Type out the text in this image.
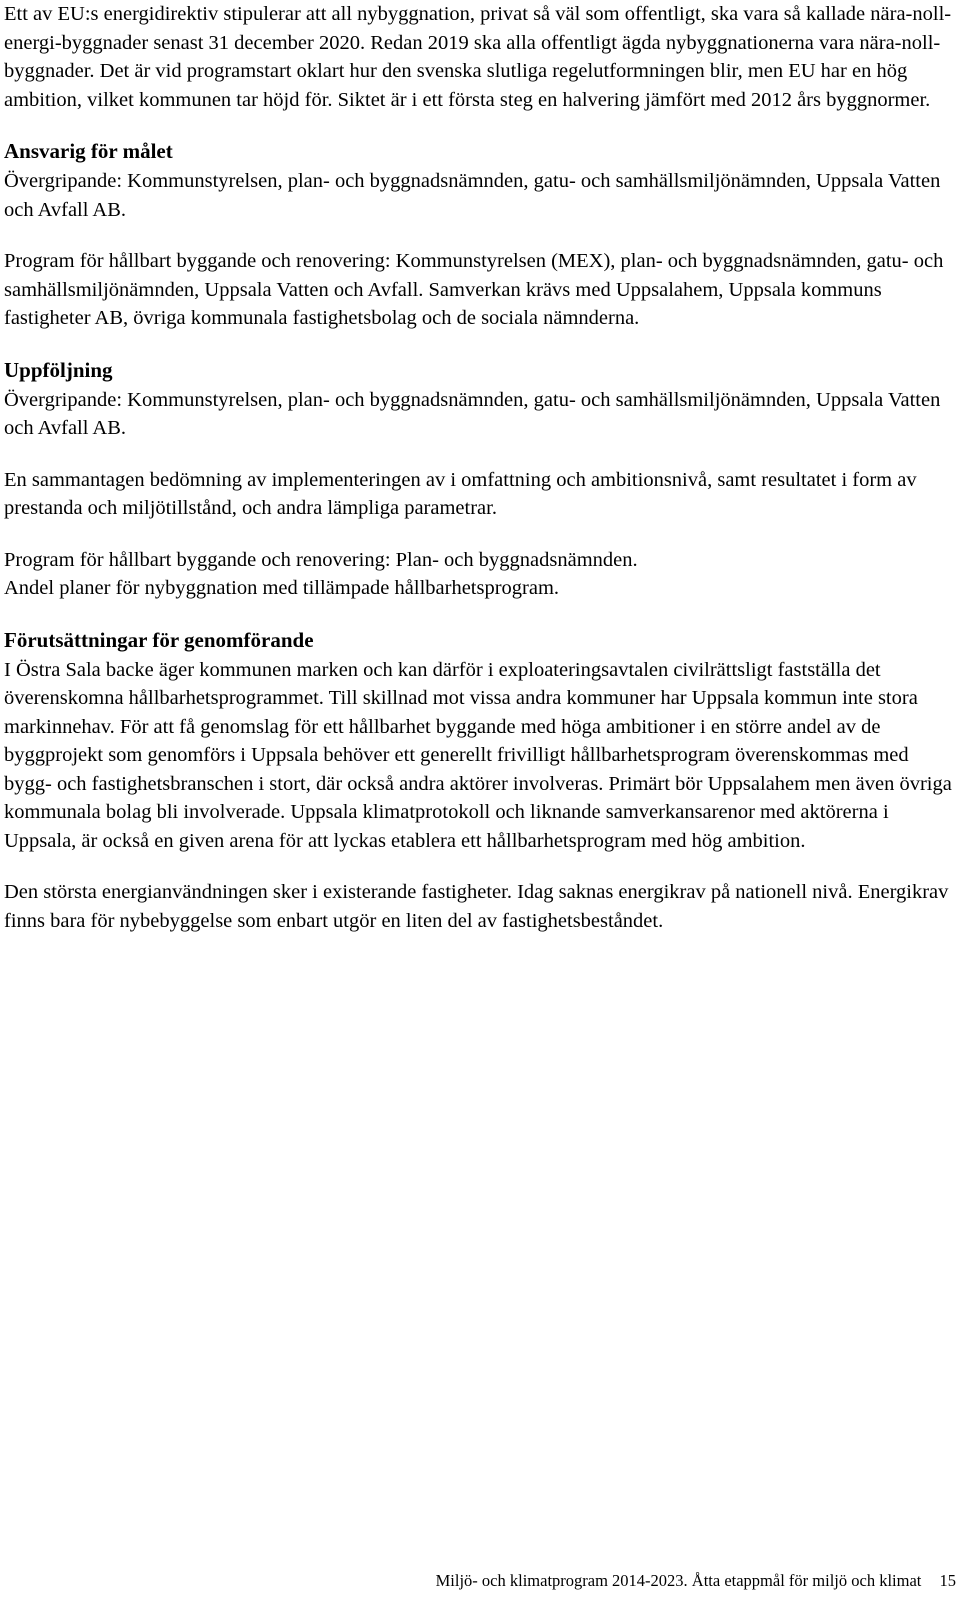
Ett av EU:s energidirektiv stipulerar att all nybyggnation, privat så väl som offentligt, ska vara så kallade nära-noll-energi-byggnader senast 31 december 2020. Redan 2019 ska alla offentligt ägda nybyggnationerna vara nära-noll-byggnader. Det är vid programstart oklart hur den svenska slutliga regelutformningen blir, men EU har en hög ambition, vilket kommunen tar höjd för. Siktet är i ett första steg en halvering jämfört med 2012 års byggnormer.

Ansvarig för målet

Övergripande: Kommunstyrelsen, plan- och byggnadsnämnden, gatu- och samhällsmiljönämnden, Uppsala Vatten och Avfall AB.

Program för hållbart byggande och renovering: Kommunstyrelsen (MEX), plan- och byggnadsnämnden, gatu- och samhällsmiljönämnden, Uppsala Vatten och Avfall. Samverkan krävs med Uppsalahem, Uppsala kommuns fastigheter AB, övriga kommunala fastighetsbolag och de sociala nämnderna.

Uppföljning

Övergripande: Kommunstyrelsen, plan- och byggnadsnämnden, gatu- och samhällsmiljönämnden, Uppsala Vatten och Avfall AB.

En sammantagen bedömning av implementeringen av i omfattning och ambitionsnivå, samt resultatet i form av prestanda och miljötillstånd, och andra lämpliga parametrar.

Program för hållbart byggande och renovering: Plan- och byggnadsnämnden.

Andel planer för nybyggnation med tillämpade hållbarhetsprogram.

Förutsättningar för genomförande

I Östra Sala backe äger kommunen marken och kan därför i exploateringsavtalen civilrättsligt fastställa det överenskomna hållbarhetsprogrammet. Till skillnad mot vissa andra kommuner har Uppsala kommun inte stora markinnehav. För att få genomslag för ett hållbarhet byggande med höga ambitioner i en större andel av de byggprojekt som genomförs i Uppsala behöver ett generellt frivilligt hållbarhetsprogram överenskommas med bygg- och fastighetsbranschen i stort, där också andra aktörer involveras. Primärt bör Uppsalahem men även övriga kommunala bolag bli involverade. Uppsala klimatprotokoll och liknande samverkansarenor med aktörerna i Uppsala, är också en given arena för att lyckas etablera ett hållbarhetsprogram med hög ambition.

Den största energianvändningen sker i existerande fastigheter. Idag saknas energikrav på nationell nivå. Energikrav finns bara för nybebyggelse som enbart utgör en liten del av fastighetsbeståndet.

Miljö- och klimatprogram 2014-2023. Åtta etappmål för miljö och klimat 15
